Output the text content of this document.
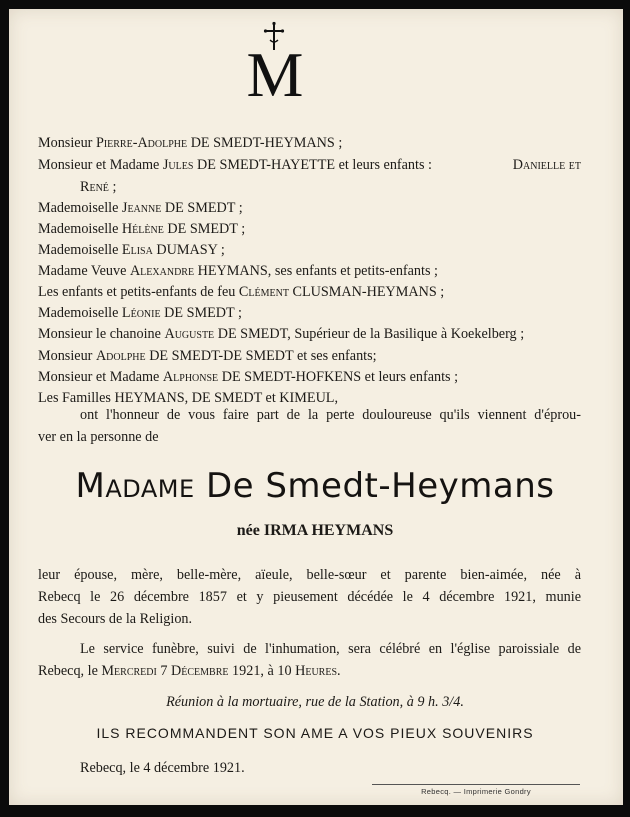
M
Monsieur Pierre-Adolphe DE SMEDT-HEYMANS ;
Monsieur et Madame Jules DE SMEDT-HAYETTE et leurs enfants :	Danielle et
René ;
Mademoiselle Jeanne DE SMEDT ;
Mademoiselle Hélène DE SMEDT ;
Mademoiselle Elisa DUMASY ;
Madame Veuve Alexandre HEYMANS, ses enfants et petits-enfants ;
Les enfants et petits-enfants de feu Clément CLUSMAN-HEYMANS ;
Mademoiselle Léonie DE SMEDT ;
Monsieur le chanoine Auguste DE SMEDT, Supérieur de la Basilique à Koekelberg ;
Monsieur Adolphe DE SMEDT-DE SMEDT et ses enfants;
Monsieur et Madame Alphonse DE SMEDT-HOFKENS et leurs enfants ;
Les Familles HEYMANS, DE SMEDT et KIMEUL,
ont l'honneur de vous faire part de la perte douloureuse qu'ils viennent d'éprou-
ver en la personne de
Madame De Smedt-Heymans
née IRMA HEYMANS
leur épouse, mère, belle-mère, aïeule, belle-sœur et parente bien-aimée, née à
Rebecq le 26 décembre 1857 et y pieusement décédée le 4 décembre 1921, munie
des Secours de la Religion.
Le service funèbre, suivi de l'inhumation, sera célébré en l'église paroissiale de
Rebecq, le Mercredi 7 Décembre 1921, à 10 Heures.
Réunion à la mortuaire, rue de la Station, à 9 h. 3/4.
ILS RECOMMANDENT SON AME A VOS PIEUX SOUVENIRS
Rebecq, le 4 décembre 1921.
Rebecq. — Imprimerie Gondry
